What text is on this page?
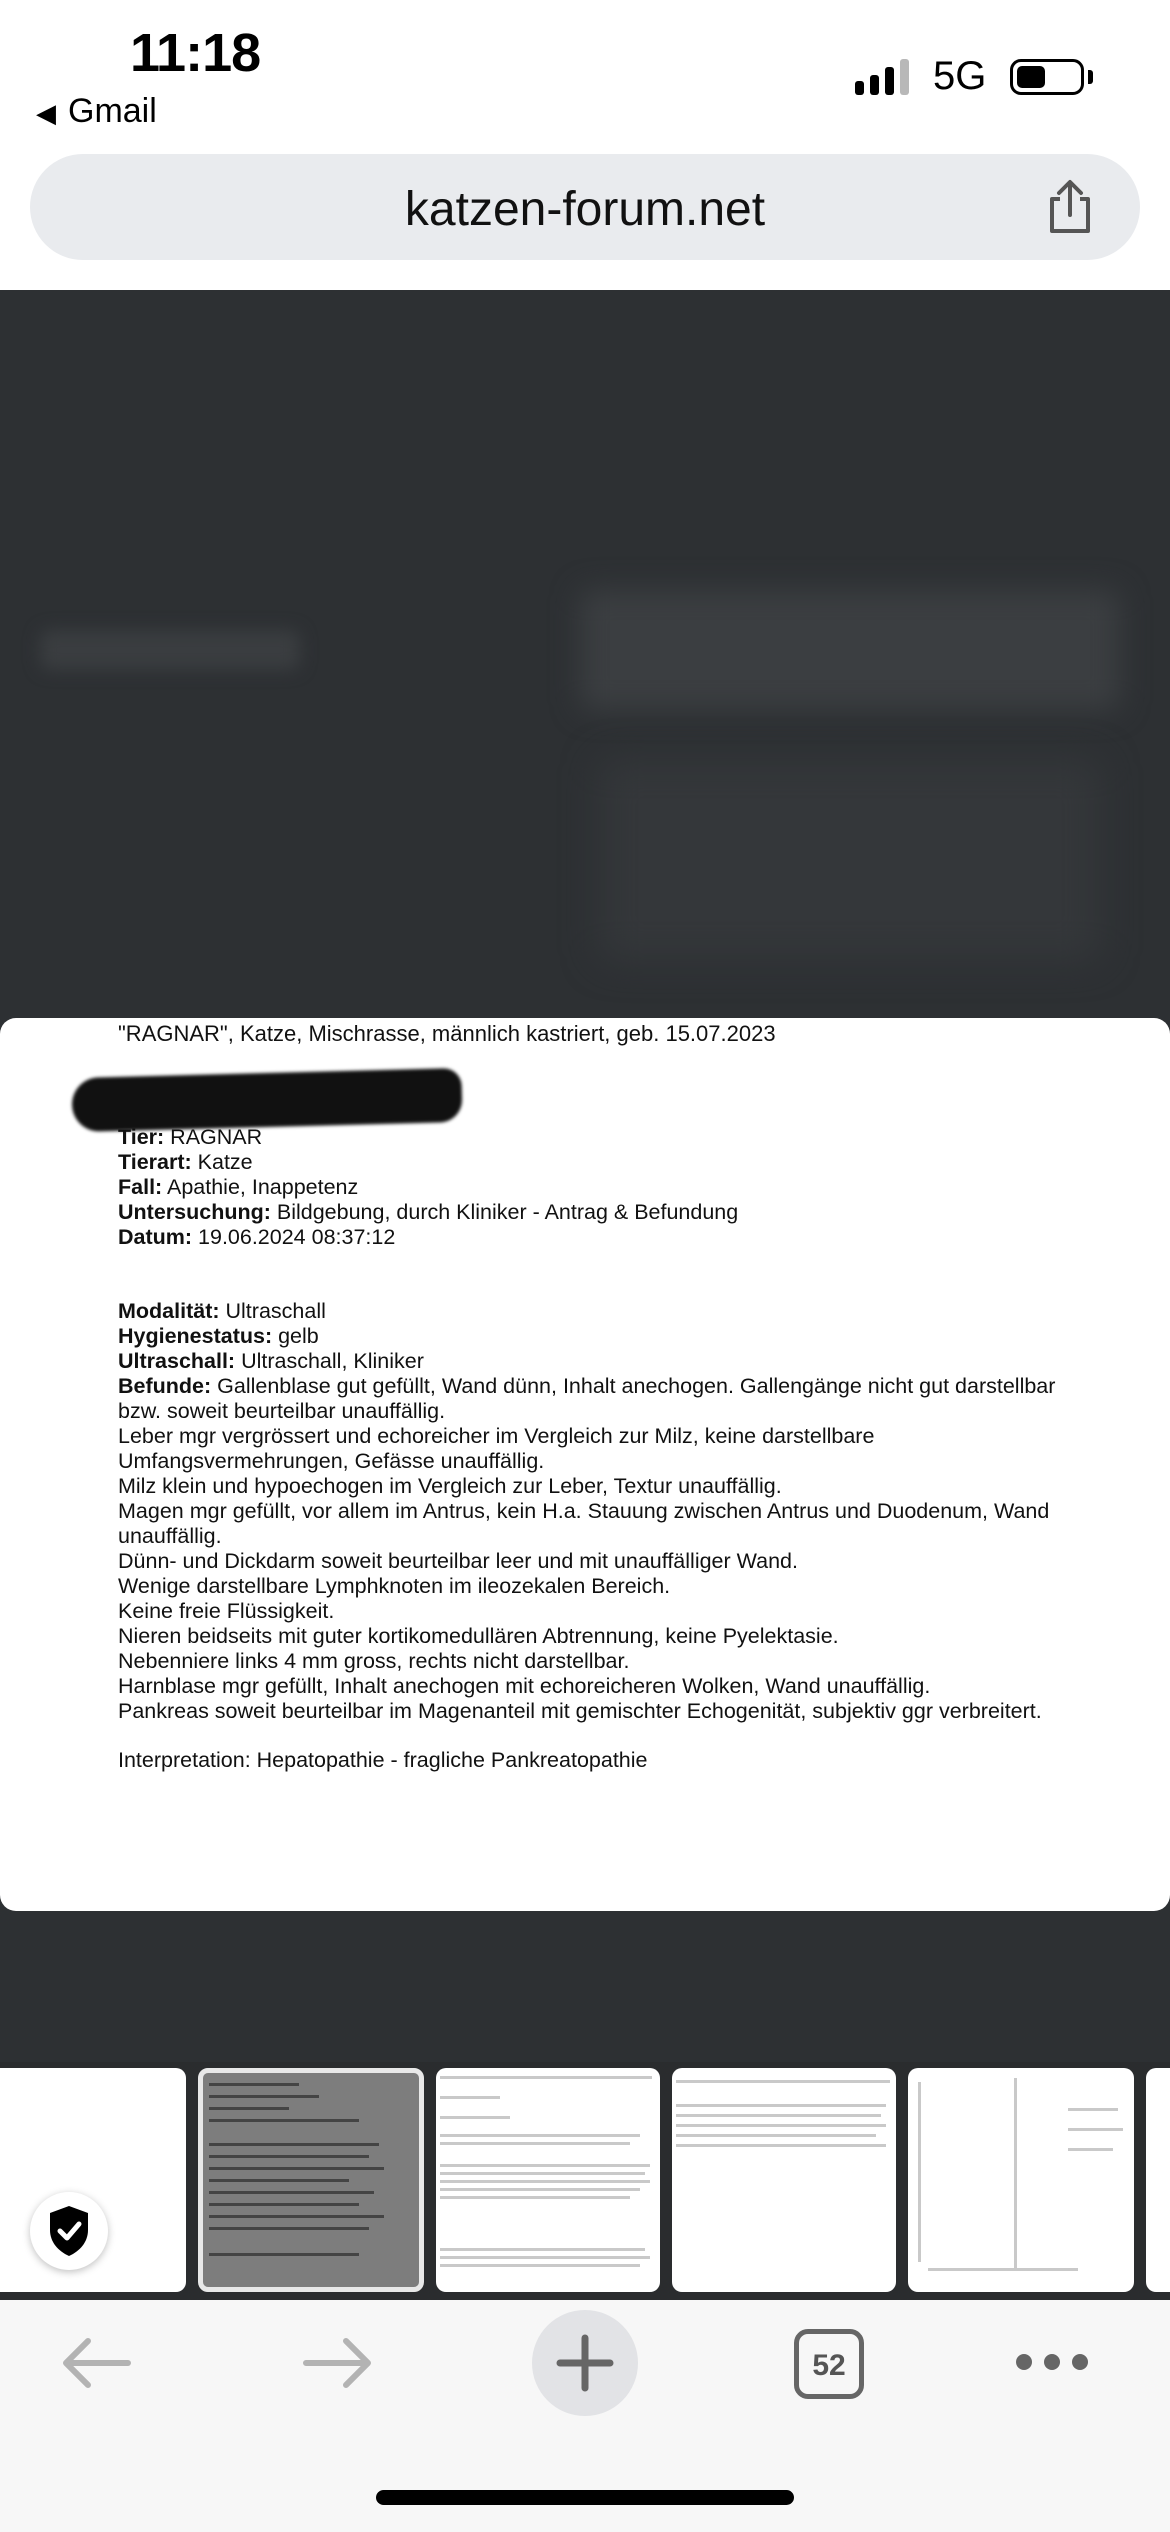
11:18
◀ Gmail
5G
katzen-forum.net
"RAGNAR", Katze, Mischrasse, männlich kastriert, geb. 15.07.2023
Tier: RAGNAR
Tierart: Katze
Fall: Apathie, Inappetenz
Untersuchung: Bildgebung, durch Kliniker - Antrag & Befundung
Datum: 19.06.2024 08:37:12
Modalität: Ultraschall
Hygienestatus: gelb
Ultraschall: Ultraschall, Kliniker
Befunde: Gallenblase gut gefüllt, Wand dünn, Inhalt anechogen. Gallengänge nicht gut darstellbar
bzw. soweit beurteilbar unauffällig.
Leber mgr vergrössert und echoreicher im Vergleich zur Milz, keine darstellbare
Umfangsvermehrungen, Gefässe unauffällig.
Milz klein und hypoechogen im Vergleich zur Leber, Textur unauffällig.
Magen mgr gefüllt, vor allem im Antrus, kein H.a. Stauung zwischen Antrus und Duodenum, Wand
unauffällig.
Dünn- und Dickdarm soweit beurteilbar leer und mit unauffälliger Wand.
Wenige darstellbare Lymphknoten im ileozekalen Bereich.
Keine freie Flüssigkeit.
Nieren beidseits mit guter kortikomedullären Abtrennung, keine Pyelektasie.
Nebenniere links 4 mm gross, rechts nicht darstellbar.
Harnblase mgr gefüllt, Inhalt anechogen mit echoreicheren Wolken, Wand unauffällig.
Pankreas soweit beurteilbar im Magenanteil mit gemischter Echogenität, subjektiv ggr verbreitert.
Interpretation: Hepatopathie - fragliche Pankreatopathie
52
